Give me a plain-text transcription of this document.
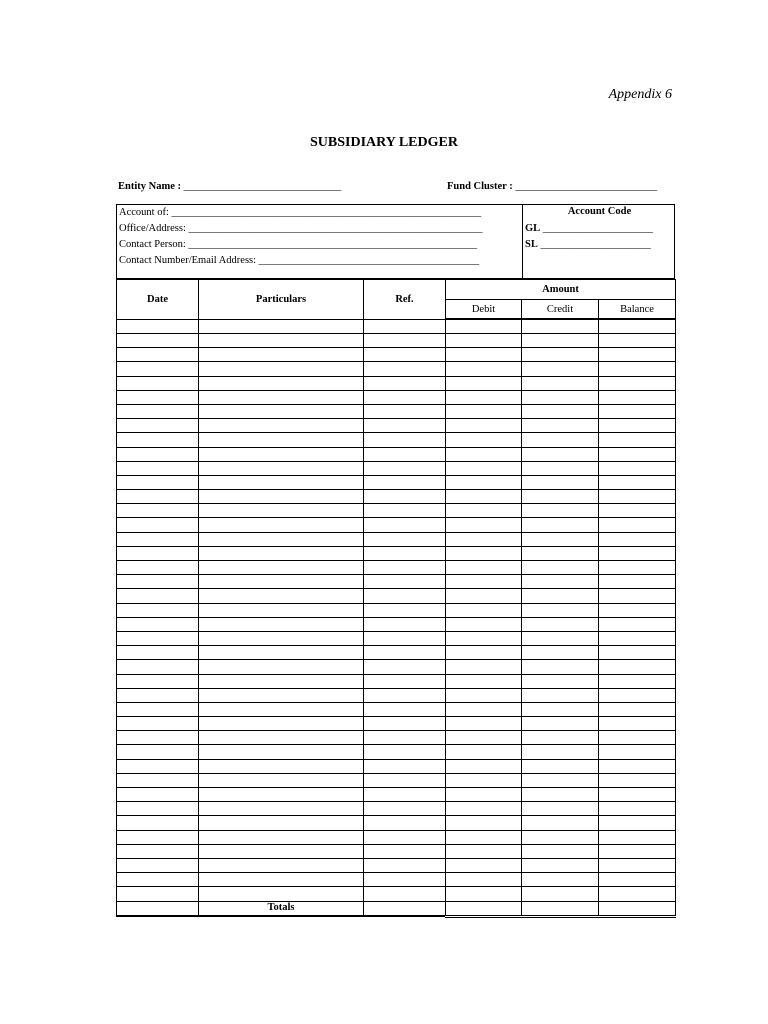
Appendix 6
SUBSIDIARY LEDGER
Entity Name : ______________________________	Fund Cluster : ___________________________
Account of: ___________________________________________________________
Office/Address: ________________________________________________________
Contact Person: _______________________________________________________
Contact Number/Email Address: __________________________________________
Account Code
GL _____________________
SL _____________________
Date	Particulars	Ref.	Amount		
			Debit	Credit	Balance

	Totals				
